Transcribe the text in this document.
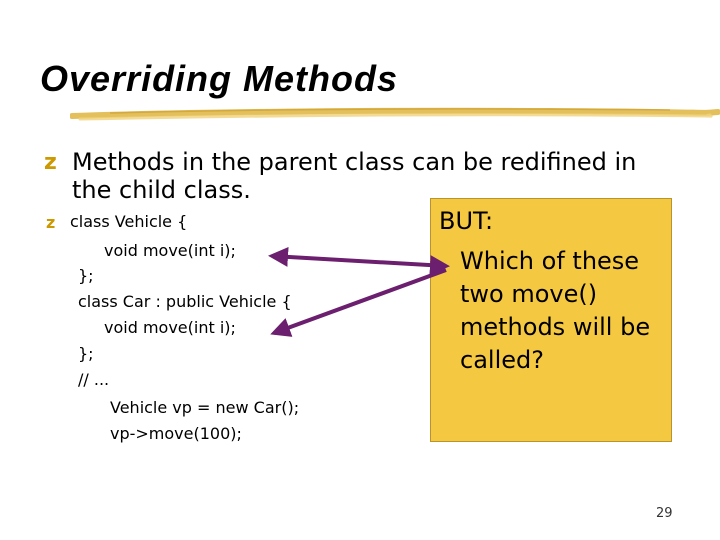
Overriding Methods
z Methods in the parent class can be redifined in the child class.

z class Vehicle {

void move(int i);

};

class Car : public Vehicle {

void move(int i);

};

// ...

Vehicle vp = new Car();

vp->move(100);

BUT:

Which of these two move() methods will be called?

29
